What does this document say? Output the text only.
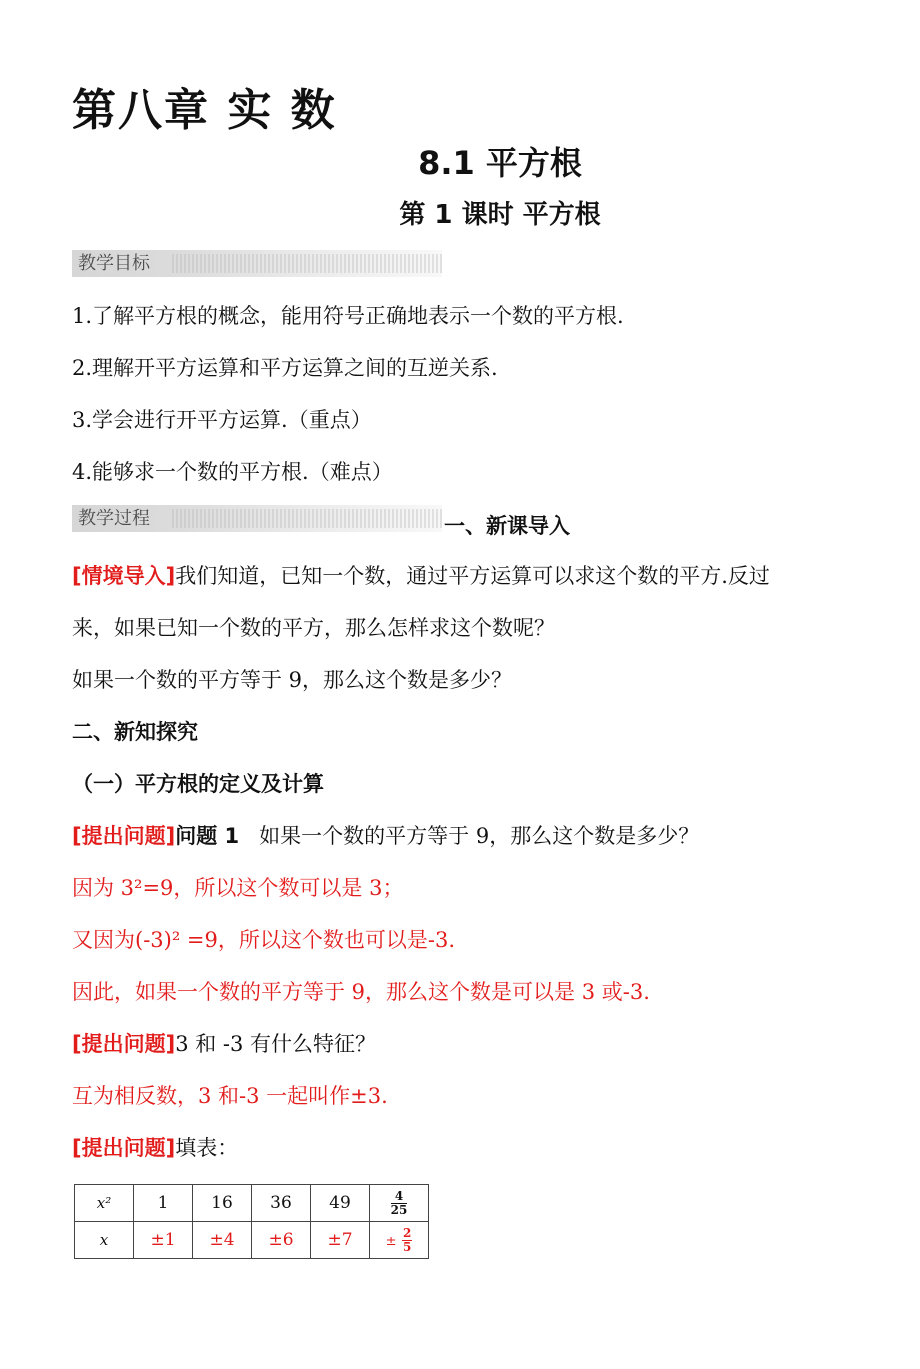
第八章 实 数
8.1 平方根
第 1 课时 平方根
教学目标
1.了解平方根的概念，能用符号正确地表示一个数的平方根.
2.理解开平方运算和平方运算之间的互逆关系.
3.学会进行开平方运算.（重点）
4.能够求一个数的平方根.（难点）
教学过程	一、新课导入
[情境导入]我们知道，已知一个数，通过平方运算可以求这个数的平方.反过
来，如果已知一个数的平方，那么怎样求这个数呢？
如果一个数的平方等于 9，那么这个数是多少？
二、新知探究
（一）平方根的定义及计算
[提出问题]问题 1 如果一个数的平方等于 9，那么这个数是多少？
因为 3²=9，所以这个数可以是 3；
又因为(-3)² =9，所以这个数也可以是-3.
因此，如果一个数的平方等于 9，那么这个数是可以是 3 或-3.
[提出问题]3 和 -3 有什么特征？
互为相反数，3 和-3 一起叫作±3.
[提出问题]填表：
x²	1	16	36	49	$\frac{4}{25}$

x	±1	±4	±6	±7	± $\frac{2}{5}$
